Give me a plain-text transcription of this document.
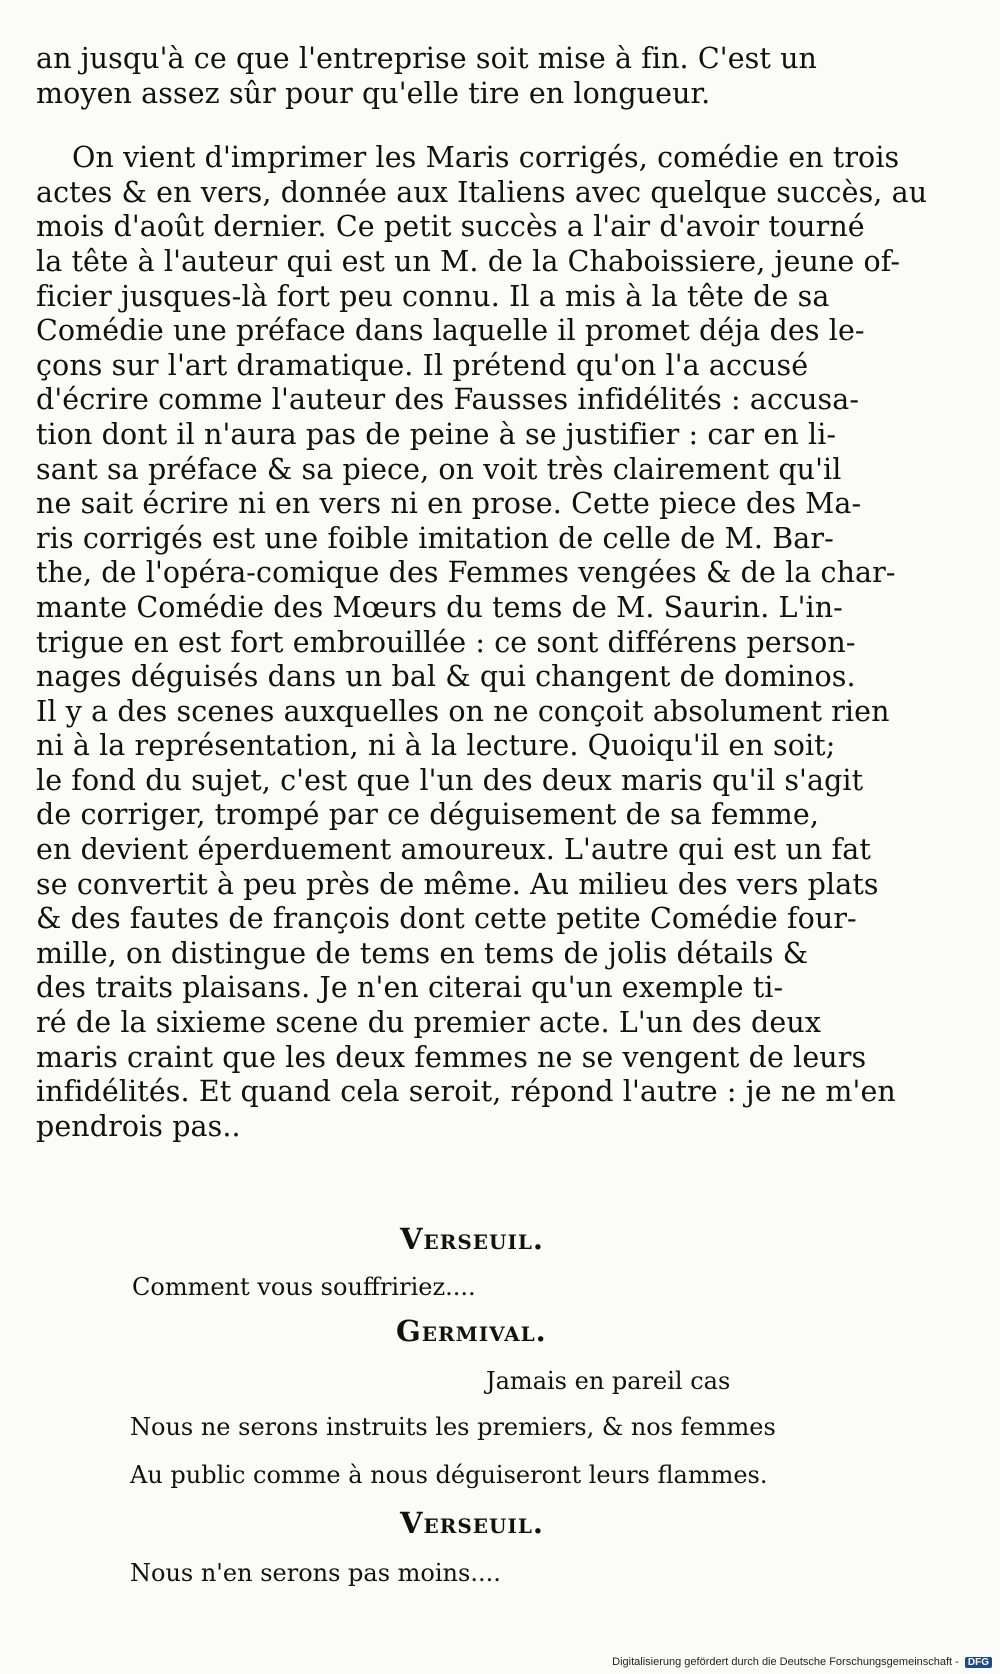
an jusqu'à ce que l'entreprise soit mise à fin. C'est un
moyen assez sûr pour qu'elle tire en longueur.
On vient d'imprimer les Maris corrigés, comédie en trois
actes & en vers, donnée aux Italiens avec quelque succès, au
mois d'août dernier. Ce petit succès a l'air d'avoir tourné
la tête à l'auteur qui est un M. de la Chaboissiere, jeune of-
ficier jusques-là fort peu connu. Il a mis à la tête de sa
Comédie une préface dans laquelle il promet déja des le-
çons sur l'art dramatique. Il prétend qu'on l'a accusé
d'écrire comme l'auteur des Fausses infidélités : accusa-
tion dont il n'aura pas de peine à se justifier : car en li-
sant sa préface & sa piece, on voit très clairement qu'il
ne sait écrire ni en vers ni en prose. Cette piece des Ma-
ris corrigés est une foible imitation de celle de M. Bar-
the, de l'opéra-comique des Femmes vengées & de la char-
mante Comédie des Mœurs du tems de M. Saurin. L'in-
trigue en est fort embrouillée : ce sont différens person-
nages déguisés dans un bal & qui changent de dominos.
Il y a des scenes auxquelles on ne conçoit absolument rien
ni à la représentation, ni à la lecture. Quoiqu'il en soit;
le fond du sujet, c'est que l'un des deux maris qu'il s'agit
de corriger, trompé par ce déguisement de sa femme,
en devient éperduement amoureux. L'autre qui est un fat
se convertit à peu près de même. Au milieu des vers plats
& des fautes de françois dont cette petite Comédie four-
mille, on distingue de tems en tems de jolis détails &
des traits plaisans. Je n'en citerai qu'un exemple ti-
ré de la sixieme scene du premier acte. L'un des deux
maris craint que les deux femmes ne se vengent de leurs
infidélités. Et quand cela seroit, répond l'autre : je ne m'en
pendrois pas..
Verseuil.
Comment vous souffririez....
Germival.
Jamais en pareil cas
Nous ne serons instruits les premiers, & nos femmes
Au public comme à nous déguiseront leurs flammes.
Verseuil.
Nous n'en serons pas moins....
Digitalisierung gefördert durch die Deutsche Forschungsgemeinschaft - DFG
